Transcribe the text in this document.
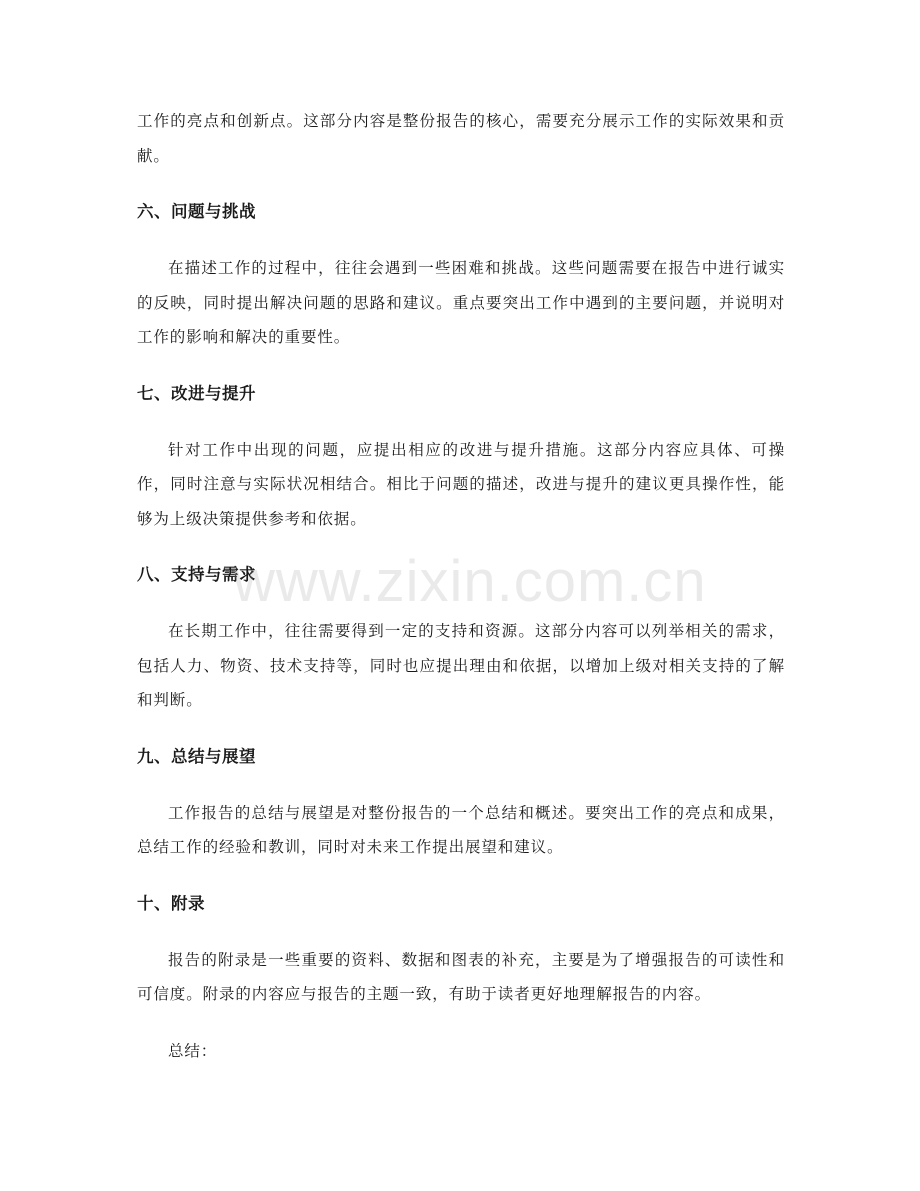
工作的亮点和创新点。这部分内容是整份报告的核心，需要充分展示工作的实际效果和贡献。

六、问题与挑战

在描述工作的过程中，往往会遇到一些困难和挑战。这些问题需要在报告中进行诚实的反映，同时提出解决问题的思路和建议。重点要突出工作中遇到的主要问题，并说明对工作的影响和解决的重要性。

七、改进与提升

针对工作中出现的问题，应提出相应的改进与提升措施。这部分内容应具体、可操作，同时注意与实际状况相结合。相比于问题的描述，改进与提升的建议更具操作性，能够为上级决策提供参考和依据。

八、支持与需求

在长期工作中，往往需要得到一定的支持和资源。这部分内容可以列举相关的需求，包括人力、物资、技术支持等，同时也应提出理由和依据，以增加上级对相关支持的了解和判断。

九、总结与展望

工作报告的总结与展望是对整份报告的一个总结和概述。要突出工作的亮点和成果，总结工作的经验和教训，同时对未来工作提出展望和建议。

十、附录

报告的附录是一些重要的资料、数据和图表的补充，主要是为了增强报告的可读性和可信度。附录的内容应与报告的主题一致，有助于读者更好地理解报告的内容。

总结：
www.zixin.com.cn
